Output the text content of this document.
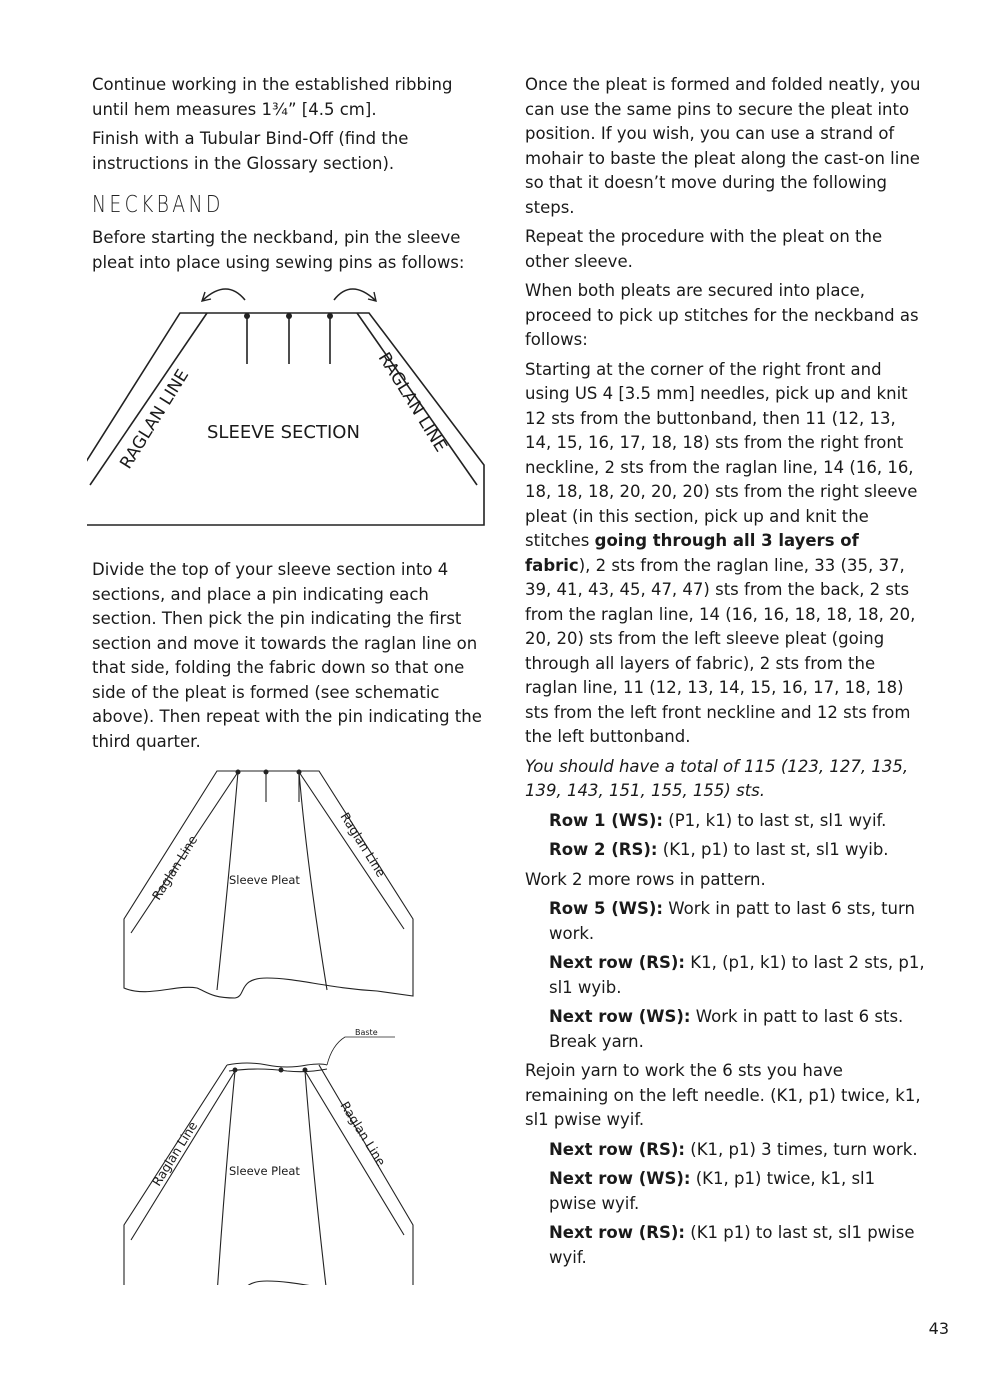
Continue working in the established ribbing until hem measures 1¾” [4.5 cm].

Finish with a Tubular Bind-Off (find the instructions in the Glossary section).

NECKBAND

Before starting the neckband, pin the sleeve pleat into place using sewing pins as follows:

RAGLAN LINE	RAGLAN LINE
SLEEVE SECTION

Divide the top of your sleeve section into 4 sections, and place a pin indicating each section. Then pick the pin indicating the first section and move it towards the raglan line on that side, folding the fabric down so that one side of the pleat is formed (see schematic above). Then repeat with the pin indicating the third quarter.

Raglan Line	Raglan Line
Sleeve Pleat
Baste
Raglan Line	Raglan Line
Sleeve Pleat

Once the pleat is formed and folded neatly, you can use the same pins to secure the pleat into position. If you wish, you can use a strand of mohair to baste the pleat along the cast-on line so that it doesn’t move during the following steps.

Repeat the procedure with the pleat on the other sleeve.

When both pleats are secured into place, proceed to pick up stitches for the neckband as follows:

Starting at the corner of the right front and using US 4 [3.5 mm] needles, pick up and knit 12 sts from the buttonband, then 11 (12, 13, 14, 15, 16, 17, 18, 18) sts from the right front neckline, 2 sts from the raglan line, 14 (16, 16, 18, 18, 18, 20, 20, 20) sts from the right sleeve pleat (in this section, pick up and knit the stitches going through all 3 layers of fabric), 2 sts from the raglan line, 33 (35, 37, 39, 41, 43, 45, 47, 47) sts from the back, 2 sts from the raglan line, 14 (16, 16, 18, 18, 18, 20, 20, 20) sts from the left sleeve pleat (going through all layers of fabric), 2 sts from the raglan line, 11 (12, 13, 14, 15, 16, 17, 18, 18) sts from the left front neckline and 12 sts from the left buttonband.

You should have a total of 115 (123, 127, 135, 139, 143, 151, 155, 155) sts.

Row 1 (WS): (P1, k1) to last st, sl1 wyif.

Row 2 (RS): (K1, p1) to last st, sl1 wyib.

Work 2 more rows in pattern.

Row 5 (WS): Work in patt to last 6 sts, turn work.

Next row (RS): K1, (p1, k1) to last 2 sts, p1, sl1 wyib.

Next row (WS): Work in patt to last 6 sts. Break yarn.

Rejoin yarn to work the 6 sts you have remaining on the left needle. (K1, p1) twice, k1, sl1 pwise wyif.

Next row (RS): (K1, p1) 3 times, turn work.

Next row (WS): (K1, p1) twice, k1, sl1 pwise wyif.

Next row (RS): (K1 p1) to last st, sl1 pwise wyif.

43
